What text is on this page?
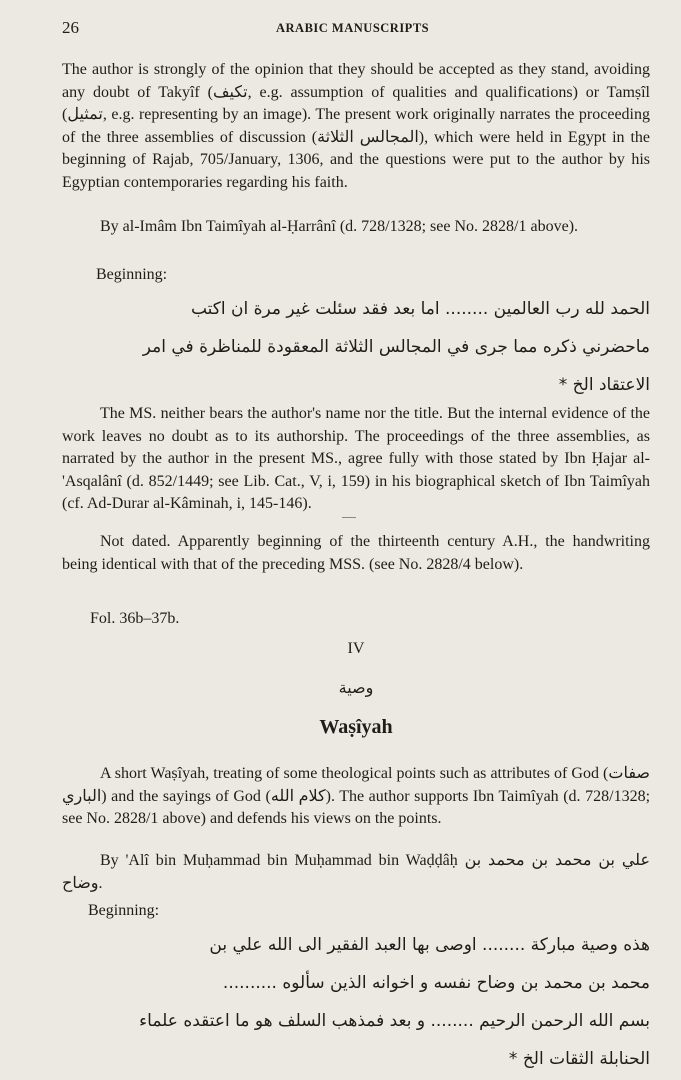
26	ARABIC MANUSCRIPTS

The author is strongly of the opinion that they should be accepted as they stand, avoiding any doubt of Takyîf (تكيف, e.g. assumption of qualities and qualifications) or Tamṣîl (تمثيل, e.g. representing by an image). The present work originally narrates the proceeding of the three assemblies of discussion (المجالس الثلاثة), which were held in Egypt in the beginning of Rajab, 705/January, 1306, and the questions were put to the author by his Egyptian contemporaries regarding his faith.

By al-Imâm Ibn Taimîyah al-Ḥarrânî (d. 728/1328; see No. 2828/1 above).

Beginning:

الحمد لله رب العالمين ........ اما بعد فقد سئلت غير مرة ان اكتب
ماحضرني ذكره مما جرى في المجالس الثلاثة المعقودة للمناظرة في امر
الاعتقاد الخ *

The MS. neither bears the author's name nor the title. But the internal evidence of the work leaves no doubt as to its authorship. The proceedings of the three assemblies, as narrated by the author in the present MS., agree fully with those stated by Ibn Ḥajar al-'Asqalânî (d. 852/1449; see Lib. Cat., V, i, 159) in his biographical sketch of Ibn Taimîyah (cf. Ad-Durar al-Kâminah, i, 145-146).

Not dated. Apparently beginning of the thirteenth century A.H., the handwriting being identical with that of the preceding MSS. (see No. 2828/4 below).

Fol. 36b–37b.

IV
وصية
Waṣîyah

A short Waṣîyah, treating of some theological points such as attributes of God (صفات الباري) and the sayings of God (كلام الله). The author supports Ibn Taimîyah (d. 728/1328; see No. 2828/1 above) and defends his views on the points.

By 'Alî bin Muḥammad bin Muḥammad bin Waḍḍâḥ علي بن محمد بن محمد بن وضاح.

Beginning:

هذه وصية مباركة ........ اوصى بها العبد الفقير الى الله علي بن
محمد بن محمد بن وضاح نفسه و اخوانه الذين سألوه ..........
بسم الله الرحمن الرحيم ........ و بعد فمذهب السلف هو ما اعتقده علماء
الحنابلة الثقات الخ *
